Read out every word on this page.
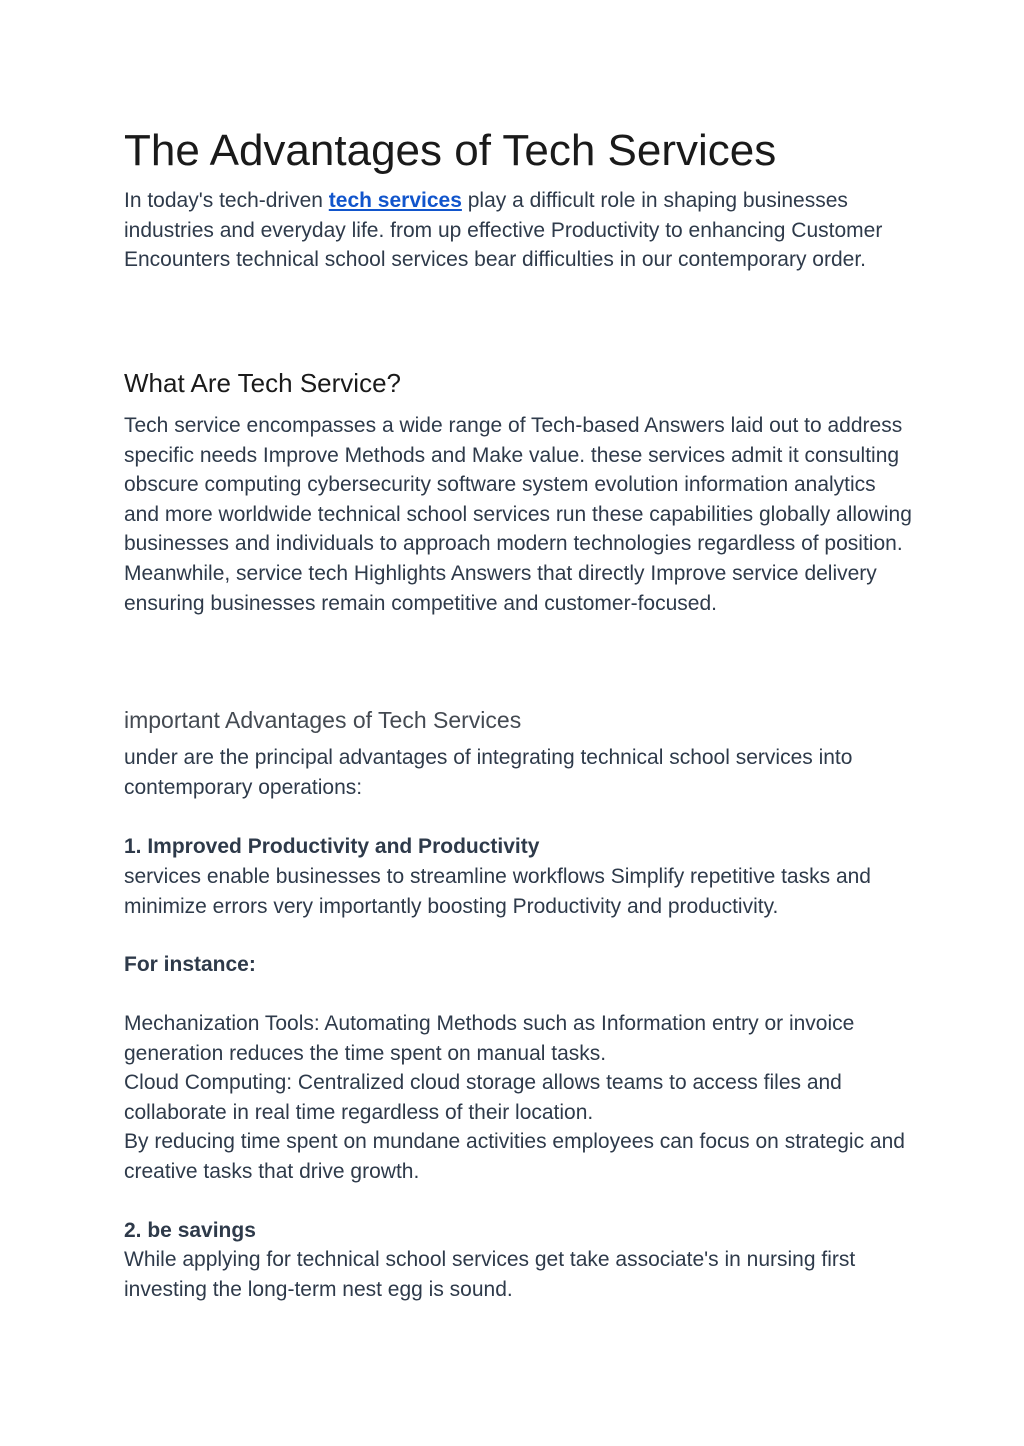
The Advantages of Tech Services

In today's tech-driven tech services play a difficult role in shaping businesses industries and everyday life. from up effective Productivity to enhancing Customer Encounters technical school services bear difficulties in our contemporary order.

What Are Tech Service?

Tech service encompasses a wide range of Tech-based Answers laid out to address specific needs Improve Methods and Make value. these services admit it consulting obscure computing cybersecurity software system evolution information analytics and more worldwide technical school services run these capabilities globally allowing businesses and individuals to approach modern technologies regardless of position. Meanwhile, service tech Highlights Answers that directly Improve service delivery ensuring businesses remain competitive and customer-focused.

important Advantages of Tech Services

under are the principal advantages of integrating technical school services into contemporary operations:

1. Improved Productivity and Productivity

services enable businesses to streamline workflows Simplify repetitive tasks and minimize errors very importantly boosting Productivity and productivity.

For instance:

Mechanization Tools: Automating Methods such as Information entry or invoice generation reduces the time spent on manual tasks.

Cloud Computing: Centralized cloud storage allows teams to access files and collaborate in real time regardless of their location.

By reducing time spent on mundane activities employees can focus on strategic and creative tasks that drive growth.

2. be savings

While applying for technical school services get take associate's in nursing first investing the long-term nest egg is sound.
